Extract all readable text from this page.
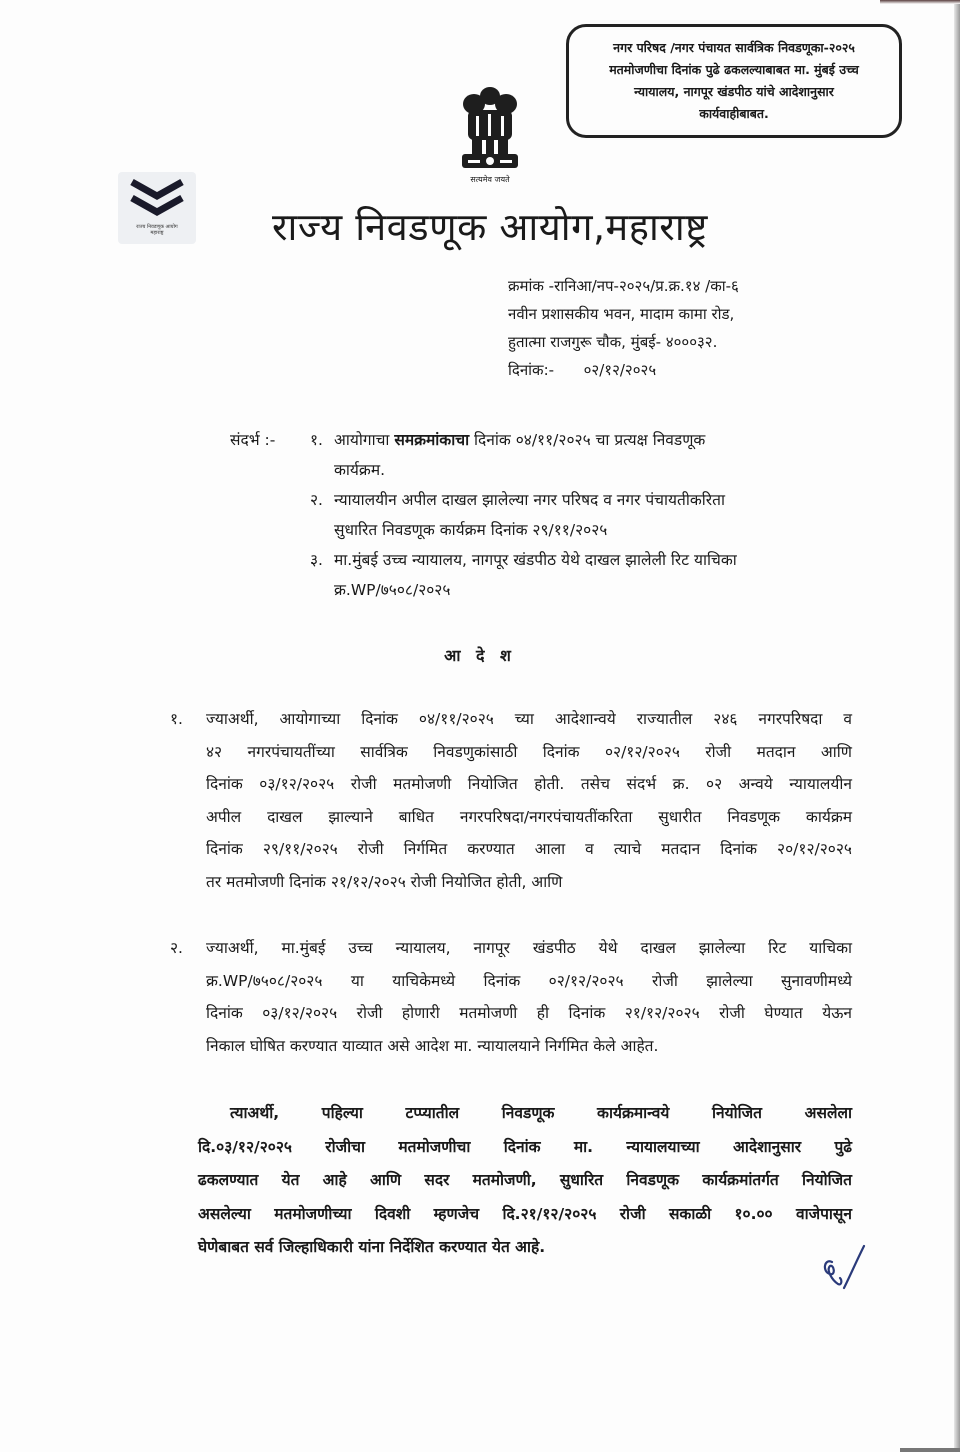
नगर परिषद /नगर पंचायत सार्वत्रिक निवडणूका-२०२५
मतमोजणीचा दिनांक पुढे ढकलल्याबाबत मा. मुंबई उच्च
न्यायालय, नागपूर खंडपीठ यांचे आदेशानुसार
कार्यवाहीबाबत.
सत्यमेव जयते
राज्य निवडणूक आयोग
महाराष्ट्र	राज्य निवडणूक आयोग,महाराष्ट्र
क्रमांक -रानिआ/नप-२०२५/प्र.क्र.१४ /का-६
नवीन प्रशासकीय भवन, मादाम कामा रोड,
हुतात्मा राजगुरू चौक, मुंबई- ४०००३२.
दिनांक:- ०२/१२/२०२५
संदर्भ :-	१. आयोगाचा समक्रमांकाचा दिनांक ०४/११/२०२५ चा प्रत्यक्ष निवडणूक
कार्यक्रम.
२. न्यायालयीन अपील दाखल झालेल्या नगर परिषद व नगर पंचायतीकरिता
सुधारित निवडणूक कार्यक्रम दिनांक २९/११/२०२५
३. मा.मुंबई उच्च न्यायालय, नागपूर खंडपीठ येथे दाखल झालेली रिट याचिका
क्र.WP/७५०८/२०२५
आ दे श
१. ज्याअर्थी, आयोगाच्या दिनांक ०४/११/२०२५ च्या आदेशान्वये राज्यातील २४६ नगरपरिषदा व
४२ नगरपंचायतींच्या सार्वत्रिक निवडणुकांसाठी दिनांक ०२/१२/२०२५ रोजी मतदान आणि
दिनांक ०३/१२/२०२५ रोजी मतमोजणी नियोजित होती. तसेच संदर्भ क्र. ०२ अन्वये न्यायालयीन
अपील दाखल झाल्याने बाधित नगरपरिषदा/नगरपंचायतींकरिता सुधारीत निवडणूक कार्यक्रम
दिनांक २९/११/२०२५ रोजी निर्गमित करण्यात आला व त्याचे मतदान दिनांक २०/१२/२०२५
तर मतमोजणी दिनांक २१/१२/२०२५ रोजी नियोजित होती, आणि
२. ज्याअर्थी, मा.मुंबई उच्च न्यायालय, नागपूर खंडपीठ येथे दाखल झालेल्या रिट याचिका
क्र.WP/७५०८/२०२५ या याचिकेमध्ये दिनांक ०२/१२/२०२५ रोजी झालेल्या सुनावणीमध्ये
दिनांक ०३/१२/२०२५ रोजी होणारी मतमोजणी ही दिनांक २१/१२/२०२५ रोजी घेण्यात येऊन
निकाल घोषित करण्यात याव्यात असे आदेश मा. न्यायालयाने निर्गमित केले आहेत.
त्याअर्थी, पहिल्या टप्प्यातील निवडणूक कार्यक्रमान्वये नियोजित असलेला
दि.०३/१२/२०२५ रोजीचा मतमोजणीचा दिनांक मा. न्यायालयाच्या आदेशानुसार पुढे
ढकलण्यात येत आहे आणि सदर मतमोजणी, सुधारित निवडणूक कार्यक्रमांतर्गत नियोजित
असलेल्या मतमोजणीच्या दिवशी म्हणजेच दि.२१/१२/२०२५ रोजी सकाळी १०.०० वाजेपासून
घेणेबाबत सर्व जिल्हाधिकारी यांना निर्देशित करण्यात येत आहे.
